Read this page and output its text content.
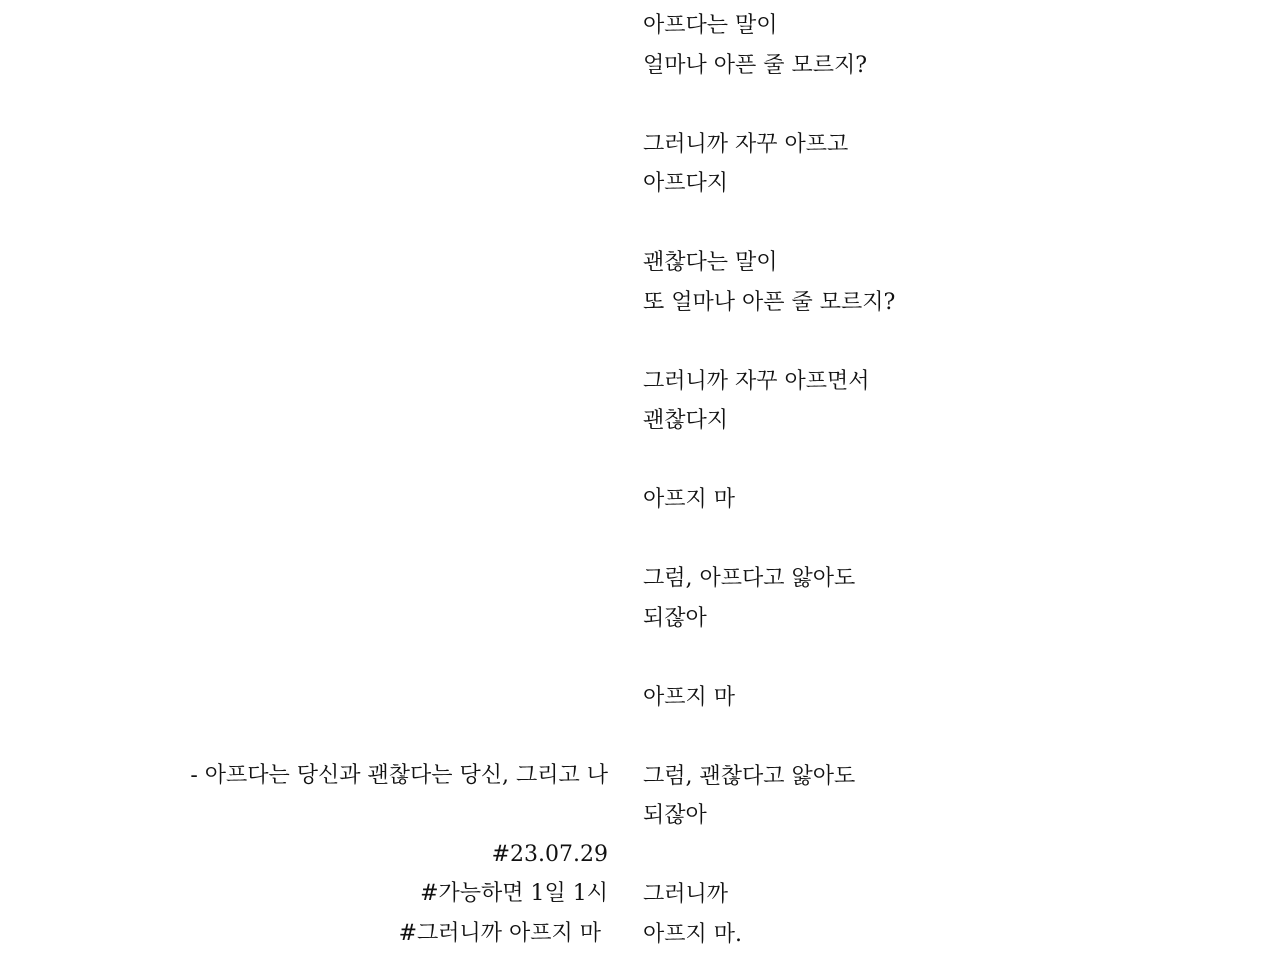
아프다는 말이
얼마나 아픈 줄 모르지?
그러니까 자꾸 아프고
아프다지
괜찮다는 말이
또 얼마나 아픈 줄 모르지?
그러니까 자꾸 아프면서
괜찮다지
아프지 마
그럼, 아프다고 앓아도
되잖아
아프지 마
그럼, 괜찮다고 앓아도
되잖아
그러니까
아프지 마.
- 아프다는 당신과 괜찮다는 당신, 그리고 나
#23.07.29
#가능하면 1일 1시
#그러니까 아프지 마
